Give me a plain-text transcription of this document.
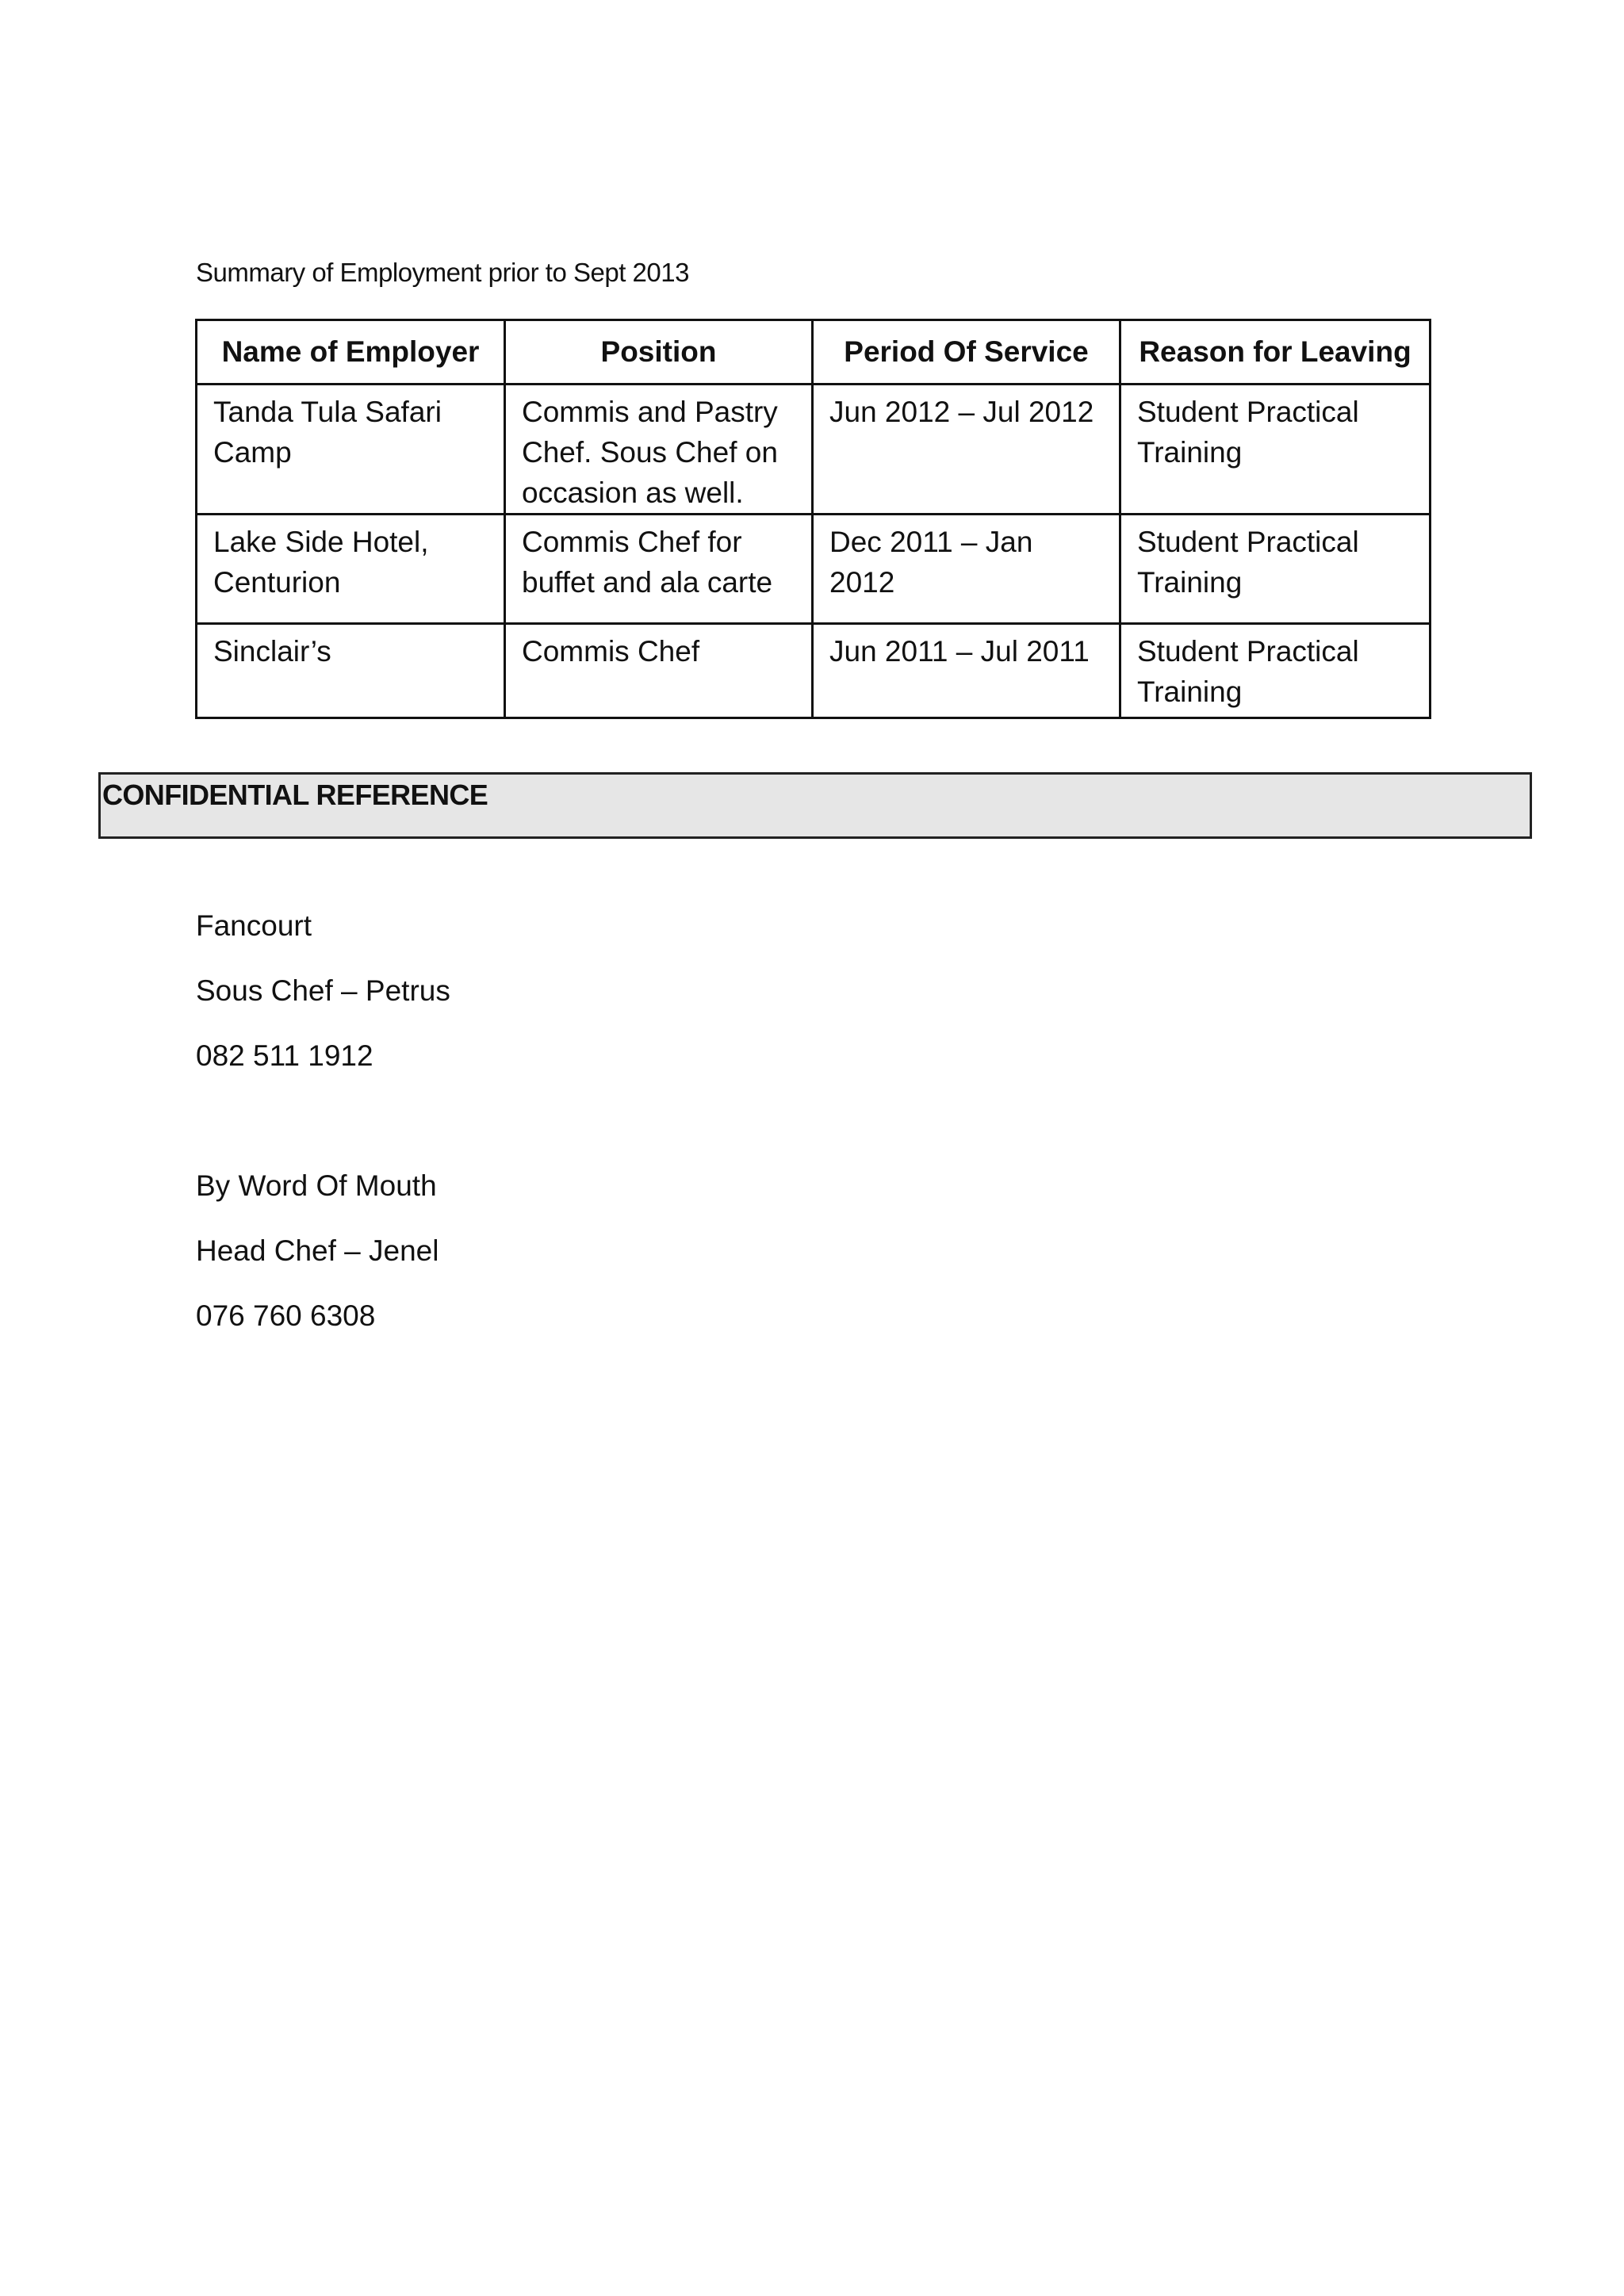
Summary of Employment prior to Sept 2013
Name of Employer	Position	Period Of Service	Reason for Leaving
Tanda Tula Safari Camp	Commis and Pastry Chef. Sous Chef on occasion as well.	Jun 2012 – Jul 2012	Student Practical Training
Lake Side Hotel, Centurion	Commis Chef for buffet and ala carte	Dec 2011 – Jan 2012	Student Practical Training
Sinclair’s	Commis Chef	Jun 2011 – Jul 2011	Student Practical Training
CONFIDENTIAL REFERENCE
Fancourt
Sous Chef – Petrus
082 511 1912
By Word Of Mouth
Head Chef – Jenel
076 760 6308
